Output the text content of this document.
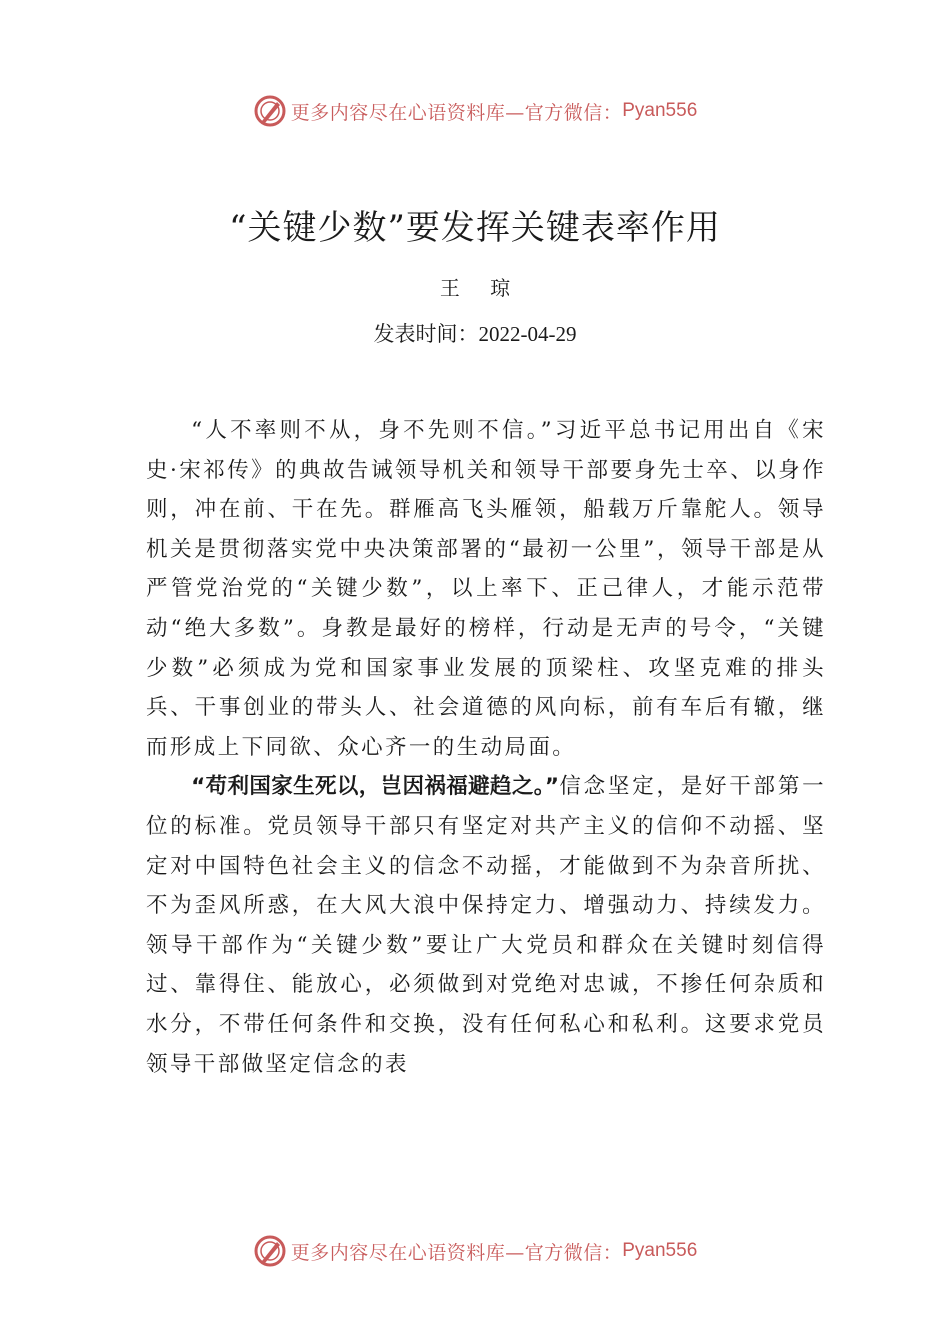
更多内容尽在心语资料库—官方微信： Pyan556
“关键少数”要发挥关键表率作用
王 琼
发表时间：2022-04-29

“人不率则不从，身不先则不信。”习近平总书记用出自《宋史·宋祁传》的典故告诫领导机关和领导干部要身先士卒、以身作则，冲在前、干在先。群雁高飞头雁领，船载万斤靠舵人。领导机关是贯彻落实党中央决策部署的“最初一公里”，领导干部是从严管党治党的“关键少数”，以上率下、正己律人，才能示范带动“绝大多数”。身教是最好的榜样，行动是无声的号令，“关键少数”必须成为党和国家事业发展的顶梁柱、攻坚克难的排头兵、干事创业的带头人、社会道德的风向标，前有车后有辙，继而形成上下同欲、众心齐一的生动局面。

“苟利国家生死以，岂因祸福避趋之。”信念坚定，是好干部第一位的标准。党员领导干部只有坚定对共产主义的信仰不动摇、坚定对中国特色社会主义的信念不动摇，才能做到不为杂音所扰、不为歪风所惑，在大风大浪中保持定力、增强动力、持续发力。领导干部作为“关键少数”要让广大党员和群众在关键时刻信得过、靠得住、能放心，必须做到对党绝对忠诚，不掺任何杂质和水分，不带任何条件和交换，没有任何私心和私利。这要求党员领导干部做坚定信念的表

更多内容尽在心语资料库—官方微信： Pyan556
